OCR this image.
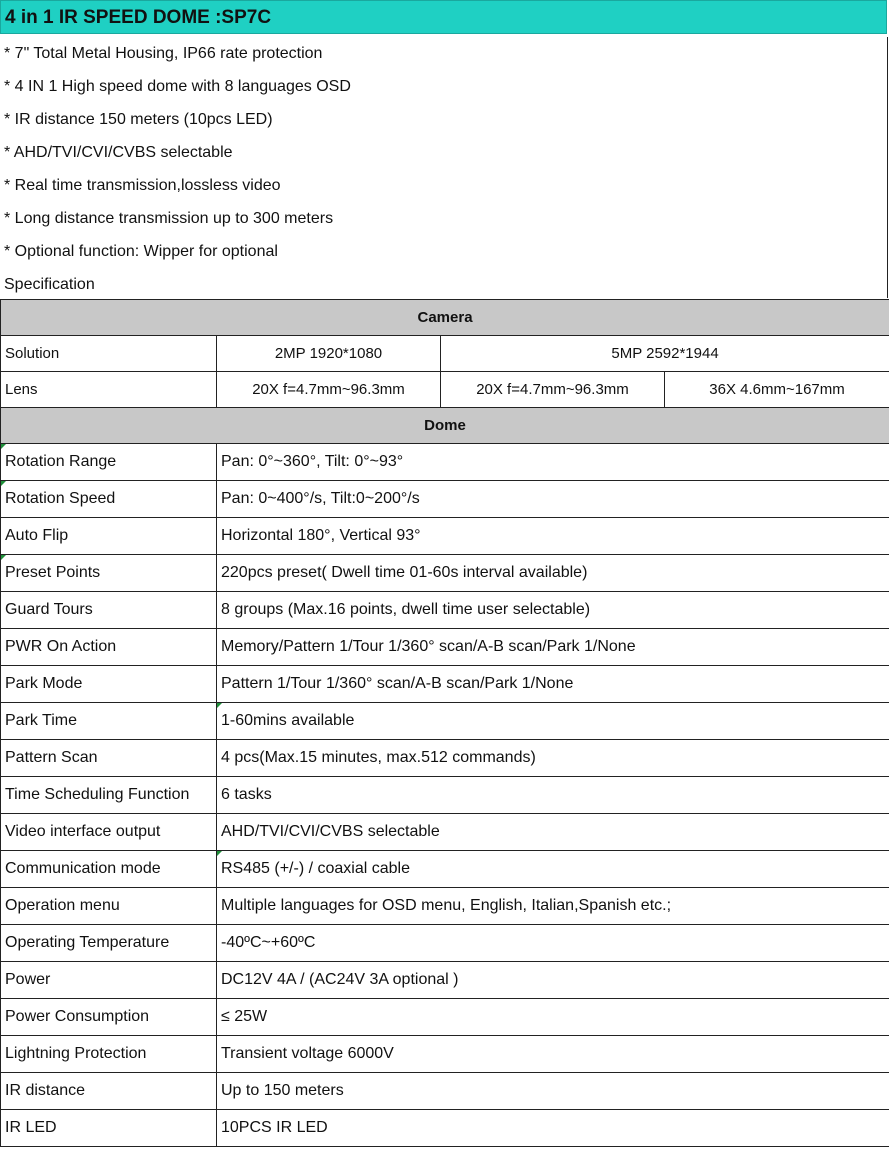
4 in 1 IR SPEED DOME :SP7C
* 7" Total Metal Housing, IP66 rate protection
* 4 IN 1 High speed dome with 8 languages OSD
* IR distance 150 meters (10pcs LED)
* AHD/TVI/CVI/CVBS selectable
* Real time transmission,lossless video
* Long distance transmission up to 300 meters
* Optional function: Wipper for optional
Specification
Camera			
Solution	2MP 1920*1080	5MP 2592*1944	
Lens	20X f=4.7mm~96.3mm	20X f=4.7mm~96.3mm	36X 4.6mm~167mm
Dome			
Rotation Range	Pan: 0°~360°, Tilt: 0°~93°		
Rotation Speed	Pan: 0~400°/s, Tilt:0~200°/s		
Auto Flip	Horizontal 180°, Vertical 93°		
Preset Points	220pcs preset( Dwell time 01-60s interval available)		
Guard Tours	8 groups (Max.16 points, dwell time user selectable)		
PWR On Action	Memory/Pattern 1/Tour 1/360° scan/A-B scan/Park 1/None		
Park Mode	Pattern 1/Tour 1/360° scan/A-B scan/Park 1/None		
Park Time	1-60mins available		
Pattern Scan	4 pcs(Max.15 minutes, max.512 commands)		
Time Scheduling Function	6 tasks		
Video interface output	AHD/TVI/CVI/CVBS selectable		
Communication mode	RS485 (+/-) / coaxial cable		
Operation menu	Multiple languages for OSD menu, English, Italian,Spanish etc.;		
Operating Temperature	-40ºC~+60ºC		
Power	DC12V 4A / (AC24V 3A optional )		
Power Consumption	≤ 25W		
Lightning Protection	Transient voltage 6000V		
IR distance	Up to 150 meters		
IR LED	10PCS IR LED		
